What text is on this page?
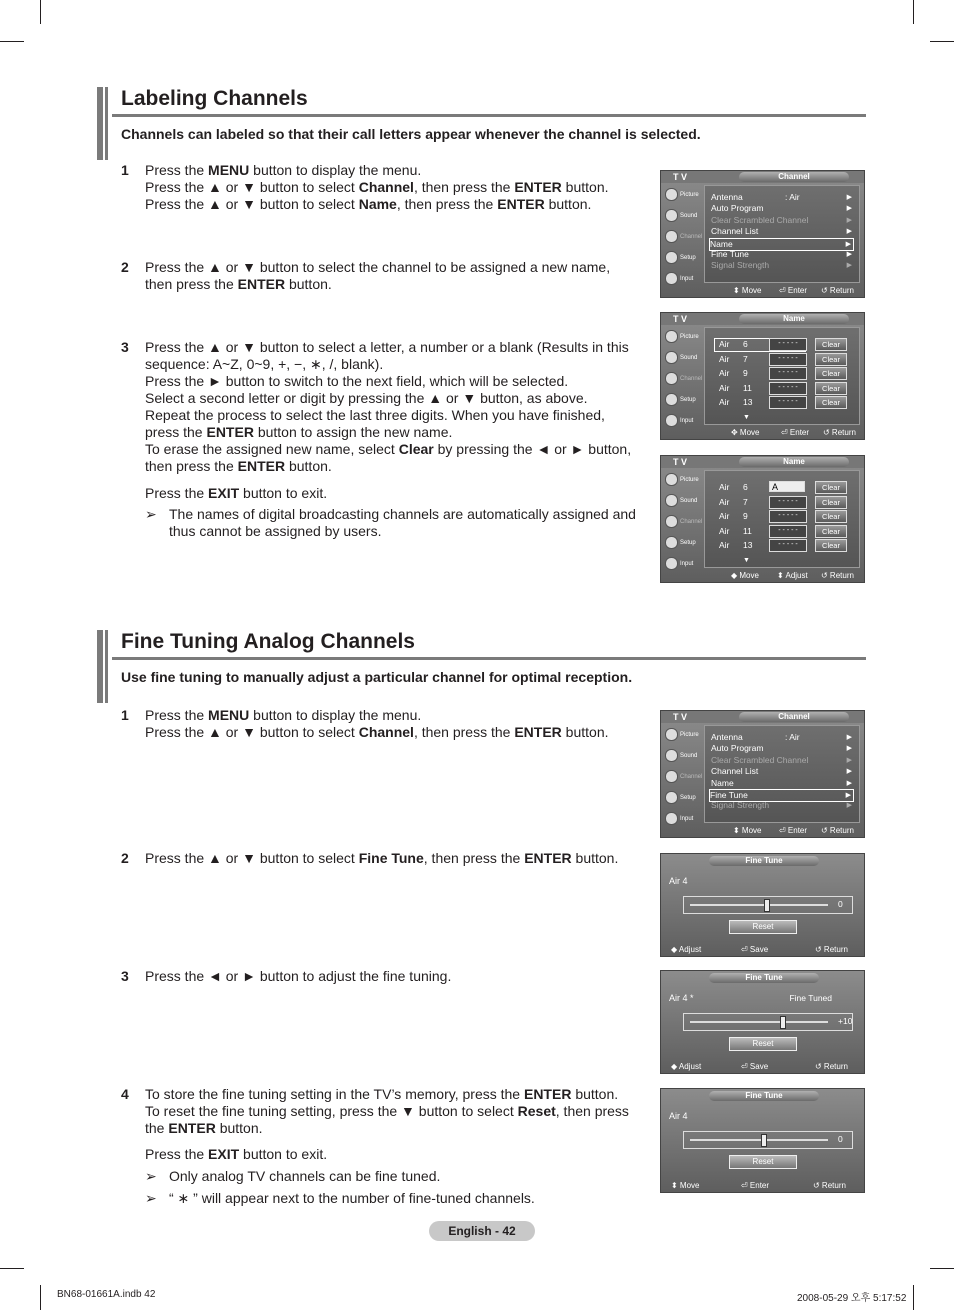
Labeling Channels
Channels can labeled so that their call letters appear whenever the channel is selected.
1 Press the MENU button to display the menu.

Press the ▲ or ▼ button to select Channel, then press the ENTER button.

Press the ▲ or ▼ button to select Name, then press the ENTER button.

2 Press the ▲ or ▼ button to select the channel to be assigned a new name, then press the ENTER button.

3 Press the ▲ or ▼ button to select a letter, a number or a blank (Results in this sequence: A~Z, 0~9, +, −, ∗, /, blank).

Press the ► button to switch to the next field, which will be selected.

Select a second letter or digit by pressing the ▲ or ▼ button, as above.

Repeat the process to select the last three digits. When you have finished, press the ENTER button to assign the new name.

To erase the assigned new name, select Clear by pressing the ◄ or ► button, then press the ENTER button.

Press the EXIT button to exit.

➢ The names of digital broadcasting channels are automatically assigned and thus cannot be assigned by users.
T V	Channel
Picture
Sound
Channel
Setup
Input
Antenna	: Air	▶
Auto Program	▶
Clear Scrambled Channel	▶
Channel List	▶
Name	▶
Fine Tune	▶
Signal Strength	▶
⬍ Move ⏎ Enter ↺ Return
T V	Name
Picture
Sound
Channel
Setup
Input
Air 6	- - - - -	Clear
Air 7	- - - - -	Clear
Air 9	- - - - -	Clear
Air 11	- - - - -	Clear
Air 13	- - - - -	Clear
▼
✥ Move	⏎ Enter ↺ Return
T V	Name
Picture
Sound
Channel
Setup
Input
Air 6	A	Clear
Air 7	- - - - -	Clear
Air 9	- - - - -	Clear
Air 11	- - - - -	Clear
Air 13	- - - - -	Clear
▼
◆ Move ⬍ Adjust ↺ Return
Fine Tuning Analog Channels
Use fine tuning to manually adjust a particular channel for optimal reception.
1 Press the MENU button to display the menu.

Press the ▲ or ▼ button to select Channel, then press the ENTER button.

2 Press the ▲ or ▼ button to select Fine Tune, then press the ENTER button.

3 Press the ◄ or ► button to adjust the fine tuning.

4 To store the fine tuning setting in the TV’s memory, press the ENTER button.

To reset the fine tuning setting, press the ▼ button to select Reset, then press the ENTER button.

Press the EXIT button to exit.

➢ Only analog TV channels can be fine tuned.
➢ “ ∗ ” will appear next to the number of fine-tuned channels.
T V	Channel
Picture
Sound
Channel
Setup
Input
Antenna	: Air	▶
Auto Program	▶
Clear Scrambled Channel	▶
Channel List	▶
Name	▶
Fine Tune	▶
Signal Strength	▶
⬍ Move ⏎ Enter ↺ Return
Fine Tune
Air 4
0
Reset
◆ Adjust	⏎ Save	↺ Return
Fine Tune
Air 4 *	Fine Tuned
+10
Reset
◆ Adjust	⏎ Save	↺ Return
Fine Tune
Air 4
0
Reset
⬍ Move	⏎ Enter	↺ Return
English - 42
BN68-01661A.indb 42	2008-05-29 오후 5:17:52
